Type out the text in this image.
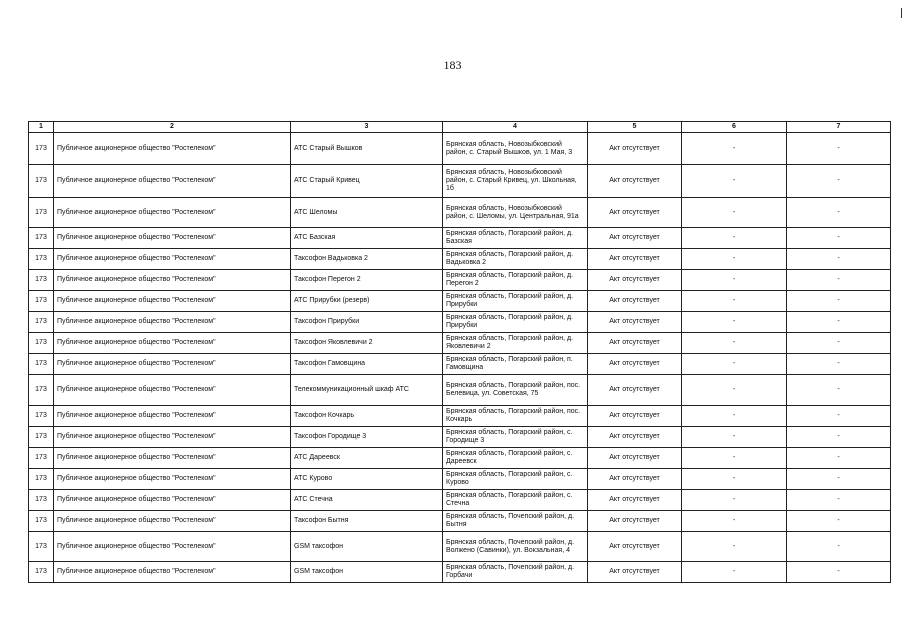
183
1	2	3	4	5	6	7
173	Публичное акционерное общество "Ростелеком"	АТС Старый Вышков	Брянская область, Новозыбковский район, с. Старый Вышков, ул. 1 Мая, 3	Акт отсутствует	-	-
173	Публичное акционерное общество "Ростелеком"	АТС Старый Кривец	Брянская область, Новозыбковский район, с. Старый Кривец, ул. Школьная, 1б	Акт отсутствует	-	-
173	Публичное акционерное общество "Ростелеком"	АТС Шеломы	Брянская область, Новозыбковский район, с. Шеломы, ул. Центральная, 91а	Акт отсутствует	-	-
173	Публичное акционерное общество "Ростелеком"	АТС Базская	Брянская область, Погарский район, д. Базская	Акт отсутствует	-	-
173	Публичное акционерное общество "Ростелеком"	Таксофон Вадьковка 2	Брянская область, Погарский район, д. Вадьковка 2	Акт отсутствует	-	-
173	Публичное акционерное общество "Ростелеком"	Таксофон Перегон 2	Брянская область, Погарский район, д. Перегон 2	Акт отсутствует	-	-
173	Публичное акционерное общество "Ростелеком"	АТС Прирубки (резерв)	Брянская область, Погарский район, д. Прирубки	Акт отсутствует	-	-
173	Публичное акционерное общество "Ростелеком"	Таксофон Прирубки	Брянская область, Погарский район, д. Прирубки	Акт отсутствует	-	-
173	Публичное акционерное общество "Ростелеком"	Таксофон Яковлевичи 2	Брянская область, Погарский район, д. Яковлевичи 2	Акт отсутствует	-	-
173	Публичное акционерное общество "Ростелеком"	Таксофон Гамовщина	Брянская область, Погарский район, п. Гамовщина	Акт отсутствует	-	-
173	Публичное акционерное общество "Ростелеком"	Телекоммуникационный шкаф АТС	Брянская область, Погарский район, пос. Белевица, ул. Советская, 75	Акт отсутствует	-	-
173	Публичное акционерное общество "Ростелеком"	Таксофон Кочкарь	Брянская область, Погарский район, пос. Кочкарь	Акт отсутствует	-	-
173	Публичное акционерное общество "Ростелеком"	Таксофон Городище 3	Брянская область, Погарский район, с. Городище 3	Акт отсутствует	-	-
173	Публичное акционерное общество "Ростелеком"	АТС Дареевск	Брянская область, Погарский район, с. Дареевск	Акт отсутствует	-	-
173	Публичное акционерное общество "Ростелеком"	АТС Курово	Брянская область, Погарский район, с. Курово	Акт отсутствует	-	-
173	Публичное акционерное общество "Ростелеком"	АТС Стечна	Брянская область, Погарский район, с. Стечна	Акт отсутствует	-	-
173	Публичное акционерное общество "Ростелеком"	Таксофон Бытня	Брянская область, Почепский район, д. Бытня	Акт отсутствует	-	-
173	Публичное акционерное общество "Ростелеком"	GSM таксофон	Брянская область, Почепский район, д. Волжено (Савинки), ул. Вокзальная, 4	Акт отсутствует	-	-
173	Публичное акционерное общество "Ростелеком"	GSM таксофон	Брянская область, Почепский район, д. Горбачи	Акт отсутствует	-	-
